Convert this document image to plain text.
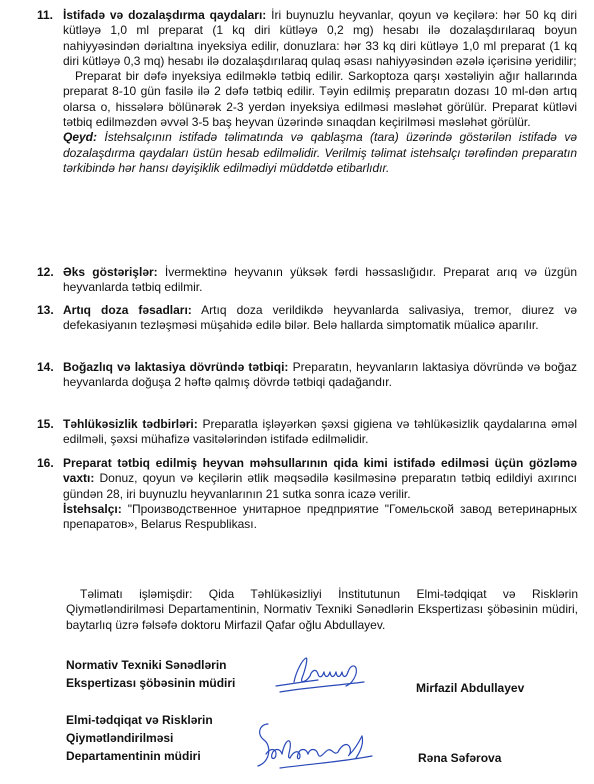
11. İstifadə və dozalaşdırma qaydaları: İri buynuzlu heyvanlar, qoyun və keçilərə: hər 50 kq diri kütləyə 1,0 ml preparat (1 kq diri kütləyə 0,2 mg) hesabı ilə dozalaşdırılaraq boyun nahiyyəsindən dərialtına inyeksiya edilir, donuzlara: hər 33 kq diri kütləyə 1,0 ml preparat (1 kq diri kütləyə 0,3 mq) hesabı ilə dozalaşdırılaraq qulaq əsası nahiyyəsindən əzələ içərisinə yeridilir;

Preparat bir dəfə inyeksiya edilməklə tətbiq edilir. Sarkoptoza qarşı xəstəliyin ağır hallarında preparat 8-10 gün fasilə ilə 2 dəfə tətbiq edilir. Təyin edilmiş preparatın dozası 10 ml-dən artıq olarsa o, hissələrə bölünərək 2-3 yerdən inyeksiya edilməsi məsləhət görülür. Preparat kütləvi tətbiq edilməzdən əvvəl 3-5 baş heyvan üzərində sınaqdan keçirilməsi məsləhət görülür.

Qeyd: İstehsalçının istifadə təlimatında və qablaşma (tara) üzərində göstərilən istifadə və dozalaşdırma qaydaları üstün hesab edilməlidir. Verilmiş təlimat istehsalçı tərəfindən preparatın tərkibində hər hansı dəyişiklik edilmədiyi müddətdə etibarlıdır.

12. Əks göstərişlər: İvermektinə heyvanın yüksək fərdi həssaslığıdır. Preparat arıq və üzgün heyvanlarda tətbiq edilmir.

13. Artıq doza fəsadları: Artıq doza verildikdə heyvanlarda salivasiya, tremor, diurez və defekasiyanın tezləşməsi müşahidə edilə bilər. Belə hallarda simptomatik müalicə aparılır.

14. Boğazlıq və laktasiya dövründə tətbiqi: Preparatın, heyvanların laktasiya dövründə və boğaz heyvanlarda doğuşa 2 həftə qalmış dövrdə tətbiqi qadağandır.

15. Təhlükəsizlik tədbirləri: Preparatla işləyərkən şəxsi gigiena və təhlükəsizlik qaydalarına əməl edilməli, şəxsi mühafizə vasitələrindən istifadə edilməlidir.

16. Preparat tətbiq edilmiş heyvan məhsullarının qida kimi istifadə edilməsi üçün gözləmə vaxtı: Donuz, qoyun və keçilərin ətlik məqsədilə kəsilməsinə preparatın tətbiq edildiyi axırıncı gündən 28, iri buynuzlu heyvanlarının 21 sutka sonra icazə verilir.

İstehsalçı: "Производственное унитарное предприятие "Гомельской завод ветеринарных препаратов», Belarus Respublikası.

Təlimatı işləmişdir: Qida Təhlükəsizliyi İnstitutunun Elmi-tədqiqat və Risklərin Qiymətləndirilməsi Departamentinin, Normativ Texniki Sənədlərin Ekspertizası şöbəsinin müdiri, baytarlıq üzrə fəlsəfə doktoru Mirfazil Qafar oğlu Abdullayev.

Normativ Texniki Sənədlərin
Ekspertizası şöbəsinin müdiri	Mirfazil Abdullayev
Elmi-tədqiqat və Risklərin
Qiymətləndirilməsi
Departamentinin müdiri	Rəna Səfərova
